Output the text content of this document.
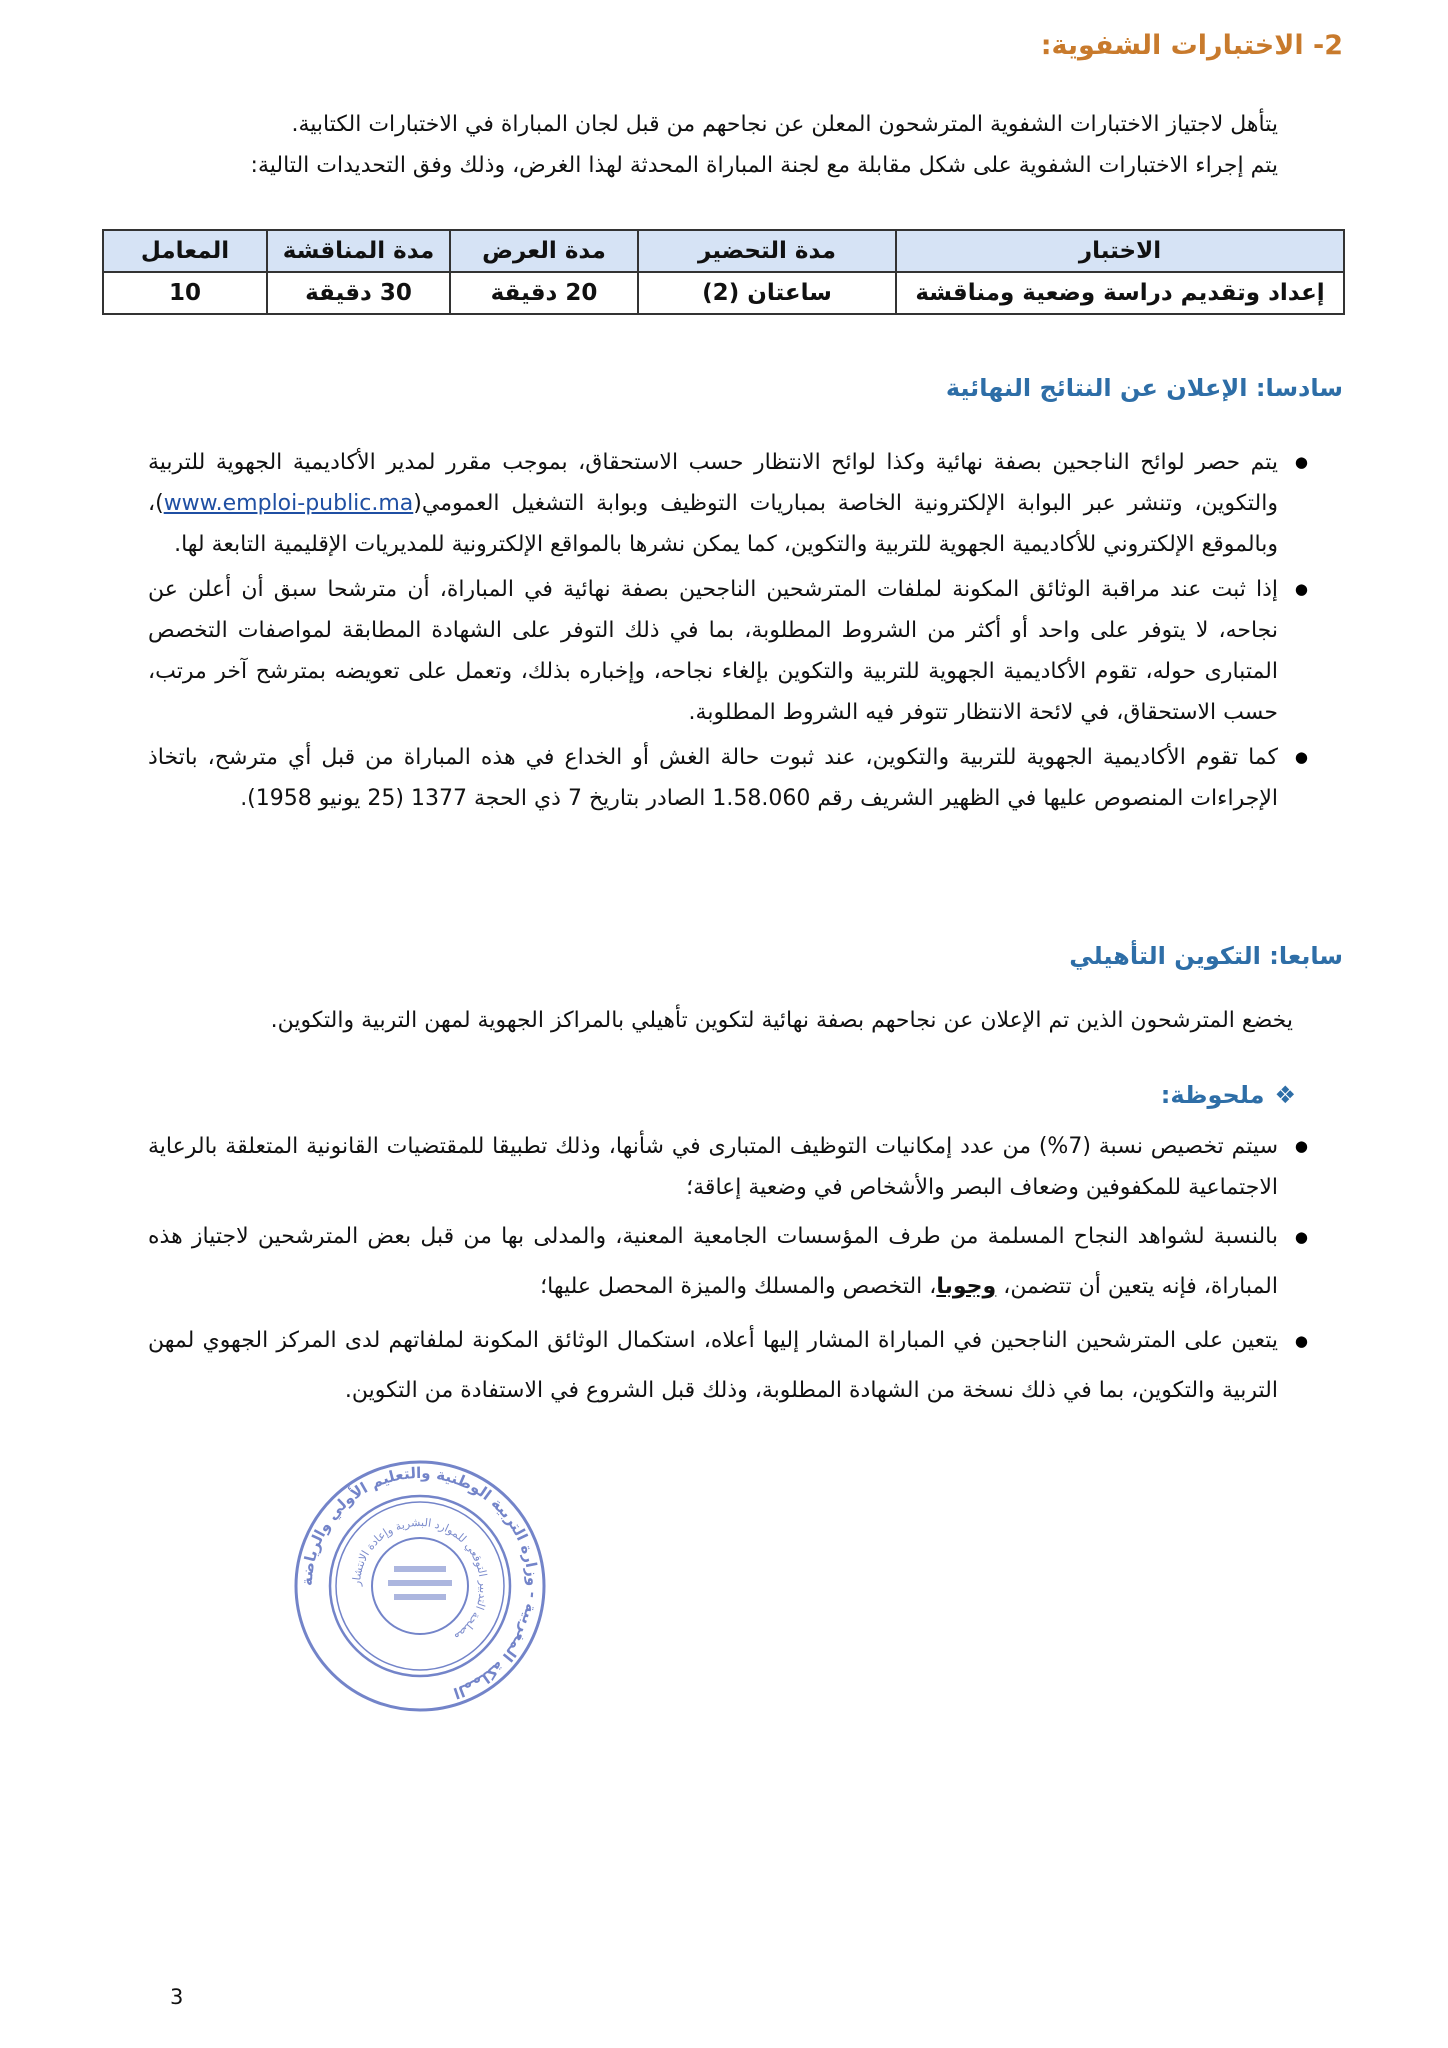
2- الاختبارات الشفوية:
يتأهل لاجتياز الاختبارات الشفوية المترشحون المعلن عن نجاحهم من قبل لجان المباراة في الاختبارات الكتابية.
يتم إجراء الاختبارات الشفوية على شكل مقابلة مع لجنة المباراة المحدثة لهذا الغرض، وذلك وفق التحديدات التالية:
الاختبار	مدة التحضير	مدة العرض	مدة المناقشة	المعامل
إعداد وتقديم دراسة وضعية ومناقشة	ساعتان (2)	20 دقيقة	30 دقيقة	10
سادسا: الإعلان عن النتائج النهائية
● يتم حصر لوائح الناجحين بصفة نهائية وكذا لوائح الانتظار حسب الاستحقاق، بموجب مقرر لمدير الأكاديمية الجهوية للتربية والتكوين، وتنشر عبر البوابة الإلكترونية الخاصة بمباريات التوظيف وبوابة التشغيل العمومي(www.emploi-public.ma)، وبالموقع الإلكتروني للأكاديمية الجهوية للتربية والتكوين، كما يمكن نشرها بالمواقع الإلكترونية للمديريات الإقليمية التابعة لها.
● إذا ثبت عند مراقبة الوثائق المكونة لملفات المترشحين الناجحين بصفة نهائية في المباراة، أن مترشحا سبق أن أعلن عن نجاحه، لا يتوفر على واحد أو أكثر من الشروط المطلوبة، بما في ذلك التوفر على الشهادة المطابقة لمواصفات التخصص المتبارى حوله، تقوم الأكاديمية الجهوية للتربية والتكوين بإلغاء نجاحه، وإخباره بذلك، وتعمل على تعويضه بمترشح آخر مرتب، حسب الاستحقاق، في لائحة الانتظار تتوفر فيه الشروط المطلوبة.
● كما تقوم الأكاديمية الجهوية للتربية والتكوين، عند ثبوت حالة الغش أو الخداع في هذه المباراة من قبل أي مترشح، باتخاذ الإجراءات المنصوص عليها في الظهير الشريف رقم 1.58.060 الصادر بتاريخ 7 ذي الحجة 1377 (25 يونيو 1958).
سابعا: التكوين التأهيلي
يخضع المترشحون الذين تم الإعلان عن نجاحهم بصفة نهائية لتكوين تأهيلي بالمراكز الجهوية لمهن التربية والتكوين.
❖ملحوظة:
● سيتم تخصيص نسبة (7%) من عدد إمكانيات التوظيف المتبارى في شأنها، وذلك تطبيقا للمقتضيات القانونية المتعلقة بالرعاية الاجتماعية للمكفوفين وضعاف البصر والأشخاص في وضعية إعاقة؛
● بالنسبة لشواهد النجاح المسلمة من طرف المؤسسات الجامعية المعنية، والمدلى بها من قبل بعض المترشحين لاجتياز هذه المباراة، فإنه يتعين أن تتضمن، وجوبا، التخصص والمسلك والميزة المحصل عليها؛
● يتعين على المترشحين الناجحين في المباراة المشار إليها أعلاه، استكمال الوثائق المكونة لملفاتهم لدى المركز الجهوي لمهن التربية والتكوين، بما في ذلك نسخة من الشهادة المطلوبة، وذلك قبل الشروع في الاستفادة من التكوين.
المملكة المغربية - وزارة التربية الوطنية والتعليم الأولي والرياضة
مصلحة التدبير التوقعي للموارد البشرية وإعادة الانتشار
3
